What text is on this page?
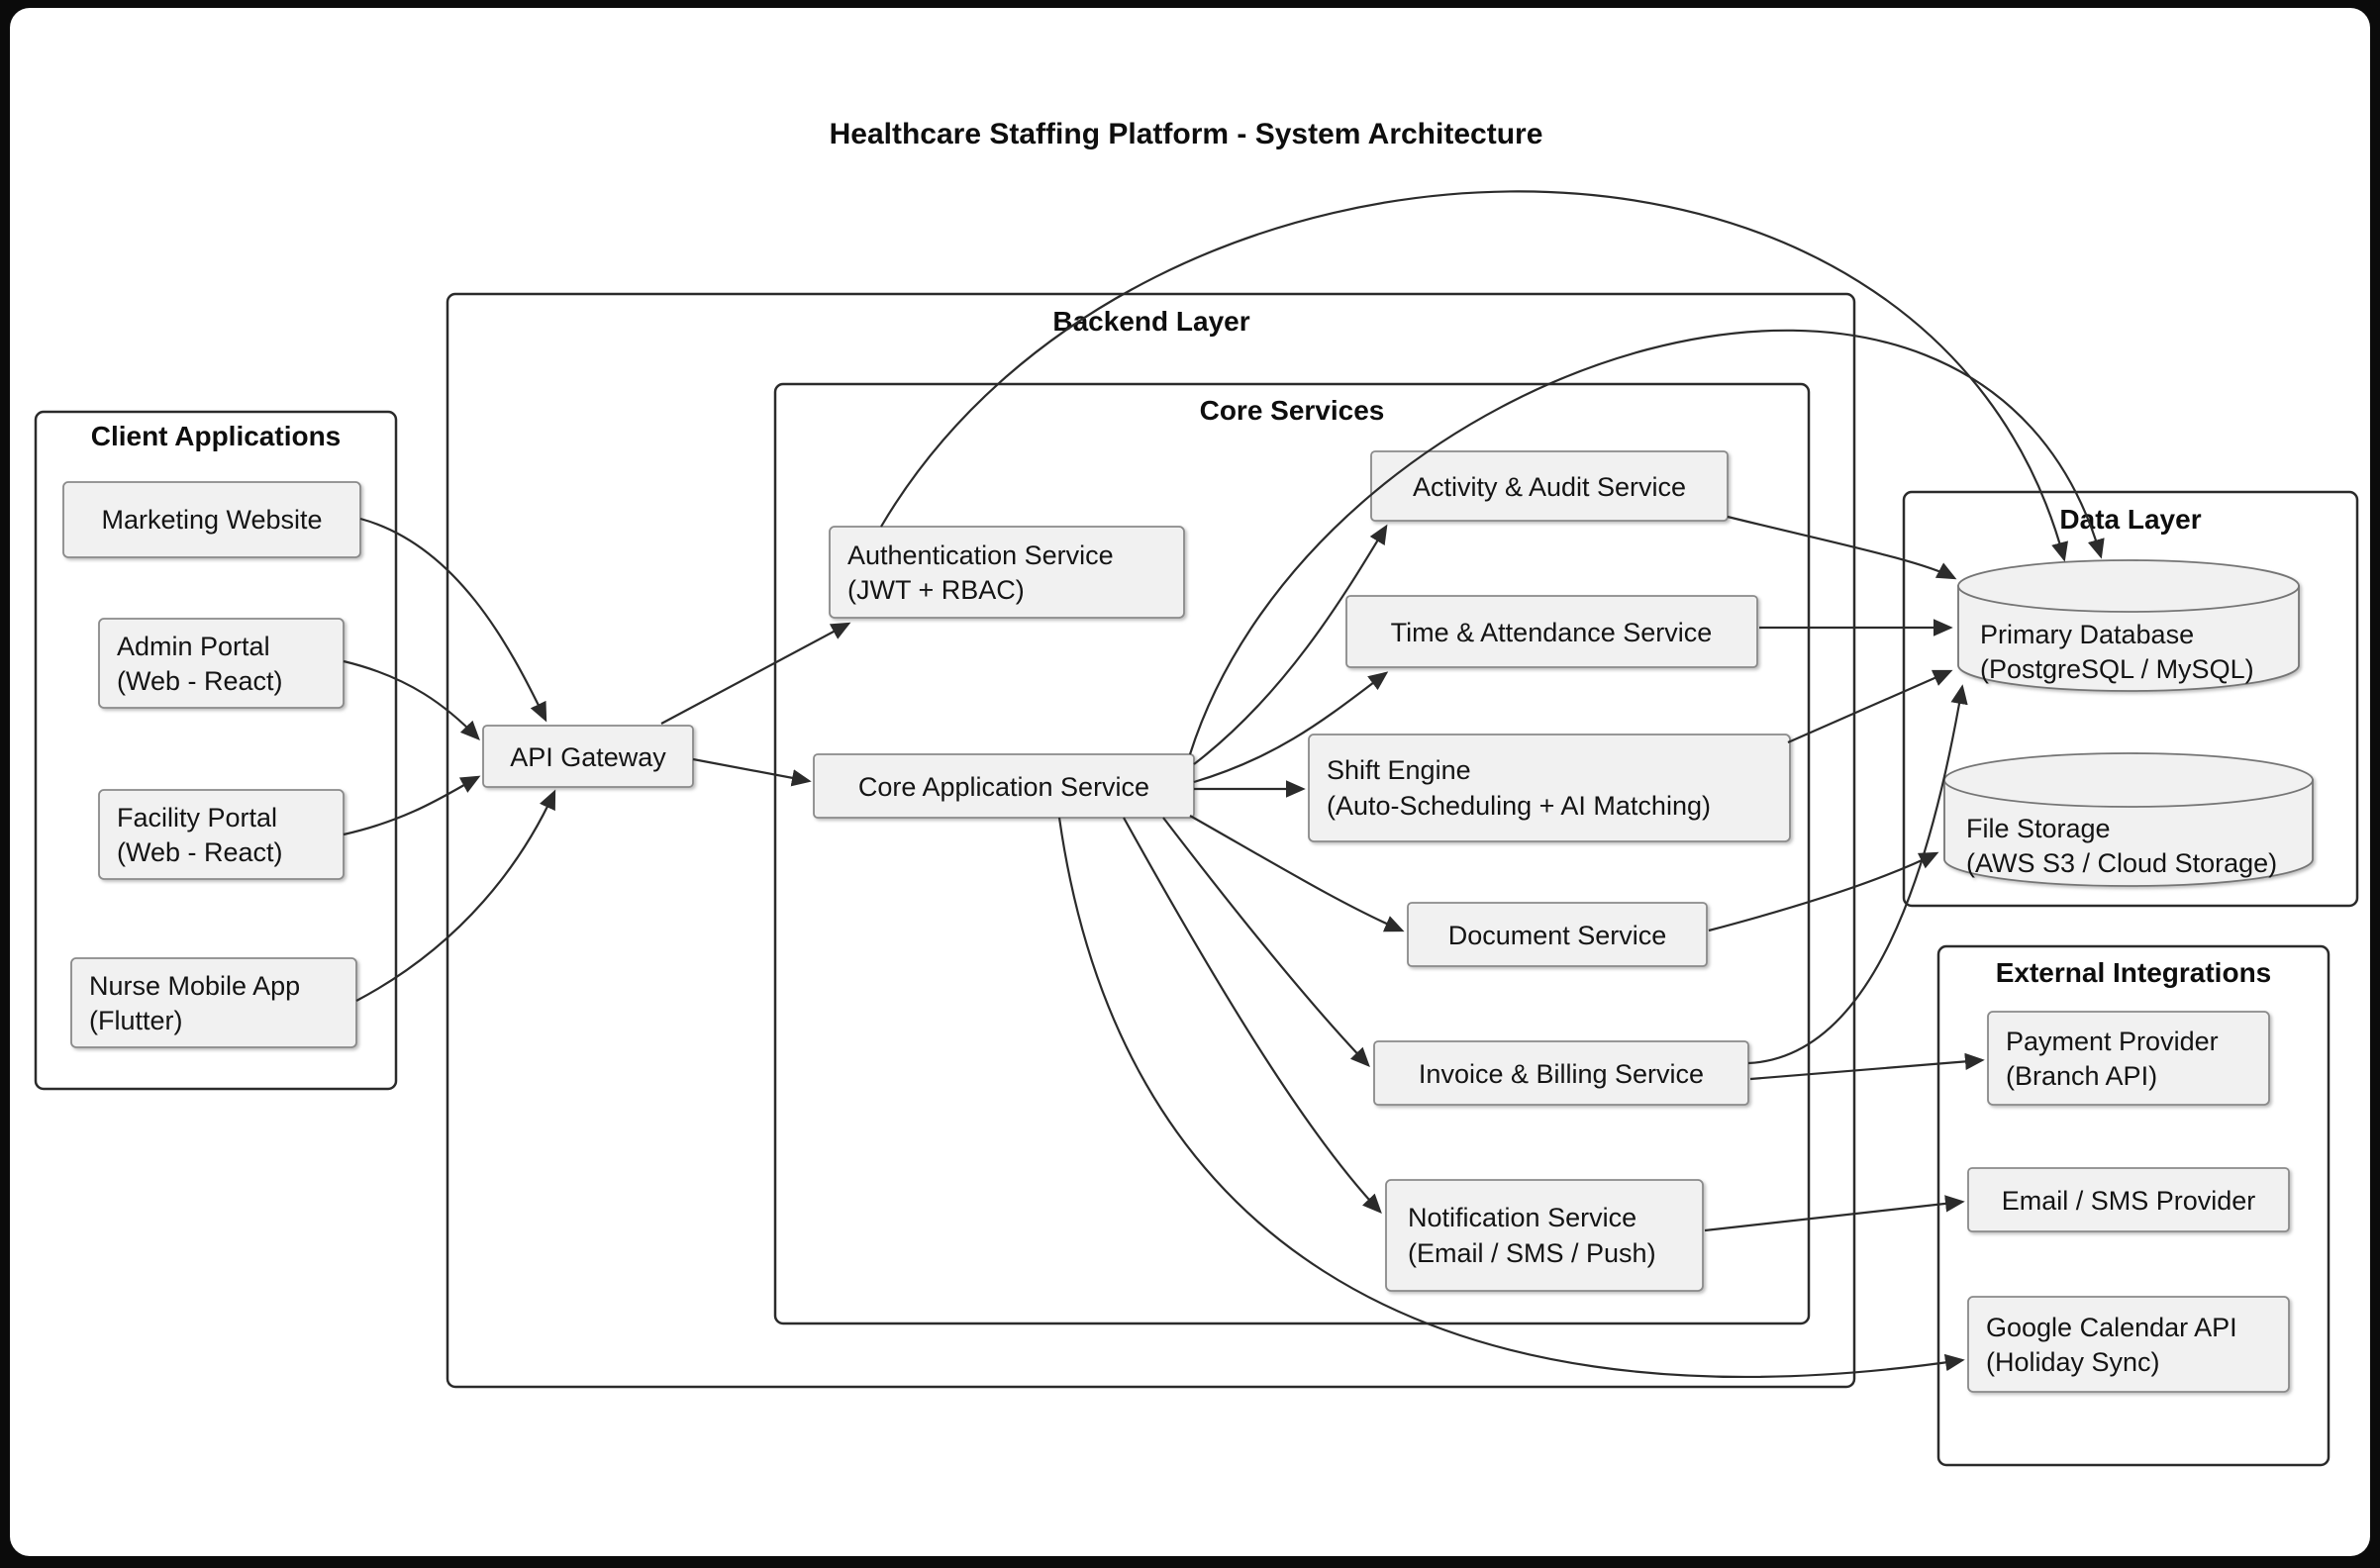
Healthcare Staffing Platform - System Architecture
Backend Layer
Core Services
Client Applications
Data Layer
External Integrations
Marketing Website
Admin Portal
(Web - React)
Facility Portal
(Web - React)
Nurse Mobile App
(Flutter)
API Gateway
Authentication Service
(JWT + RBAC)
Core Application Service
Activity & Audit Service
Time & Attendance Service
Shift Engine
(Auto-Scheduling + AI Matching)
Document Service
Invoice & Billing Service
Notification Service
(Email / SMS / Push)
Primary Database
(PostgreSQL / MySQL)
File Storage
(AWS S3 / Cloud Storage)
Payment Provider
(Branch API)
Email / SMS Provider
Google Calendar API
(Holiday Sync)
